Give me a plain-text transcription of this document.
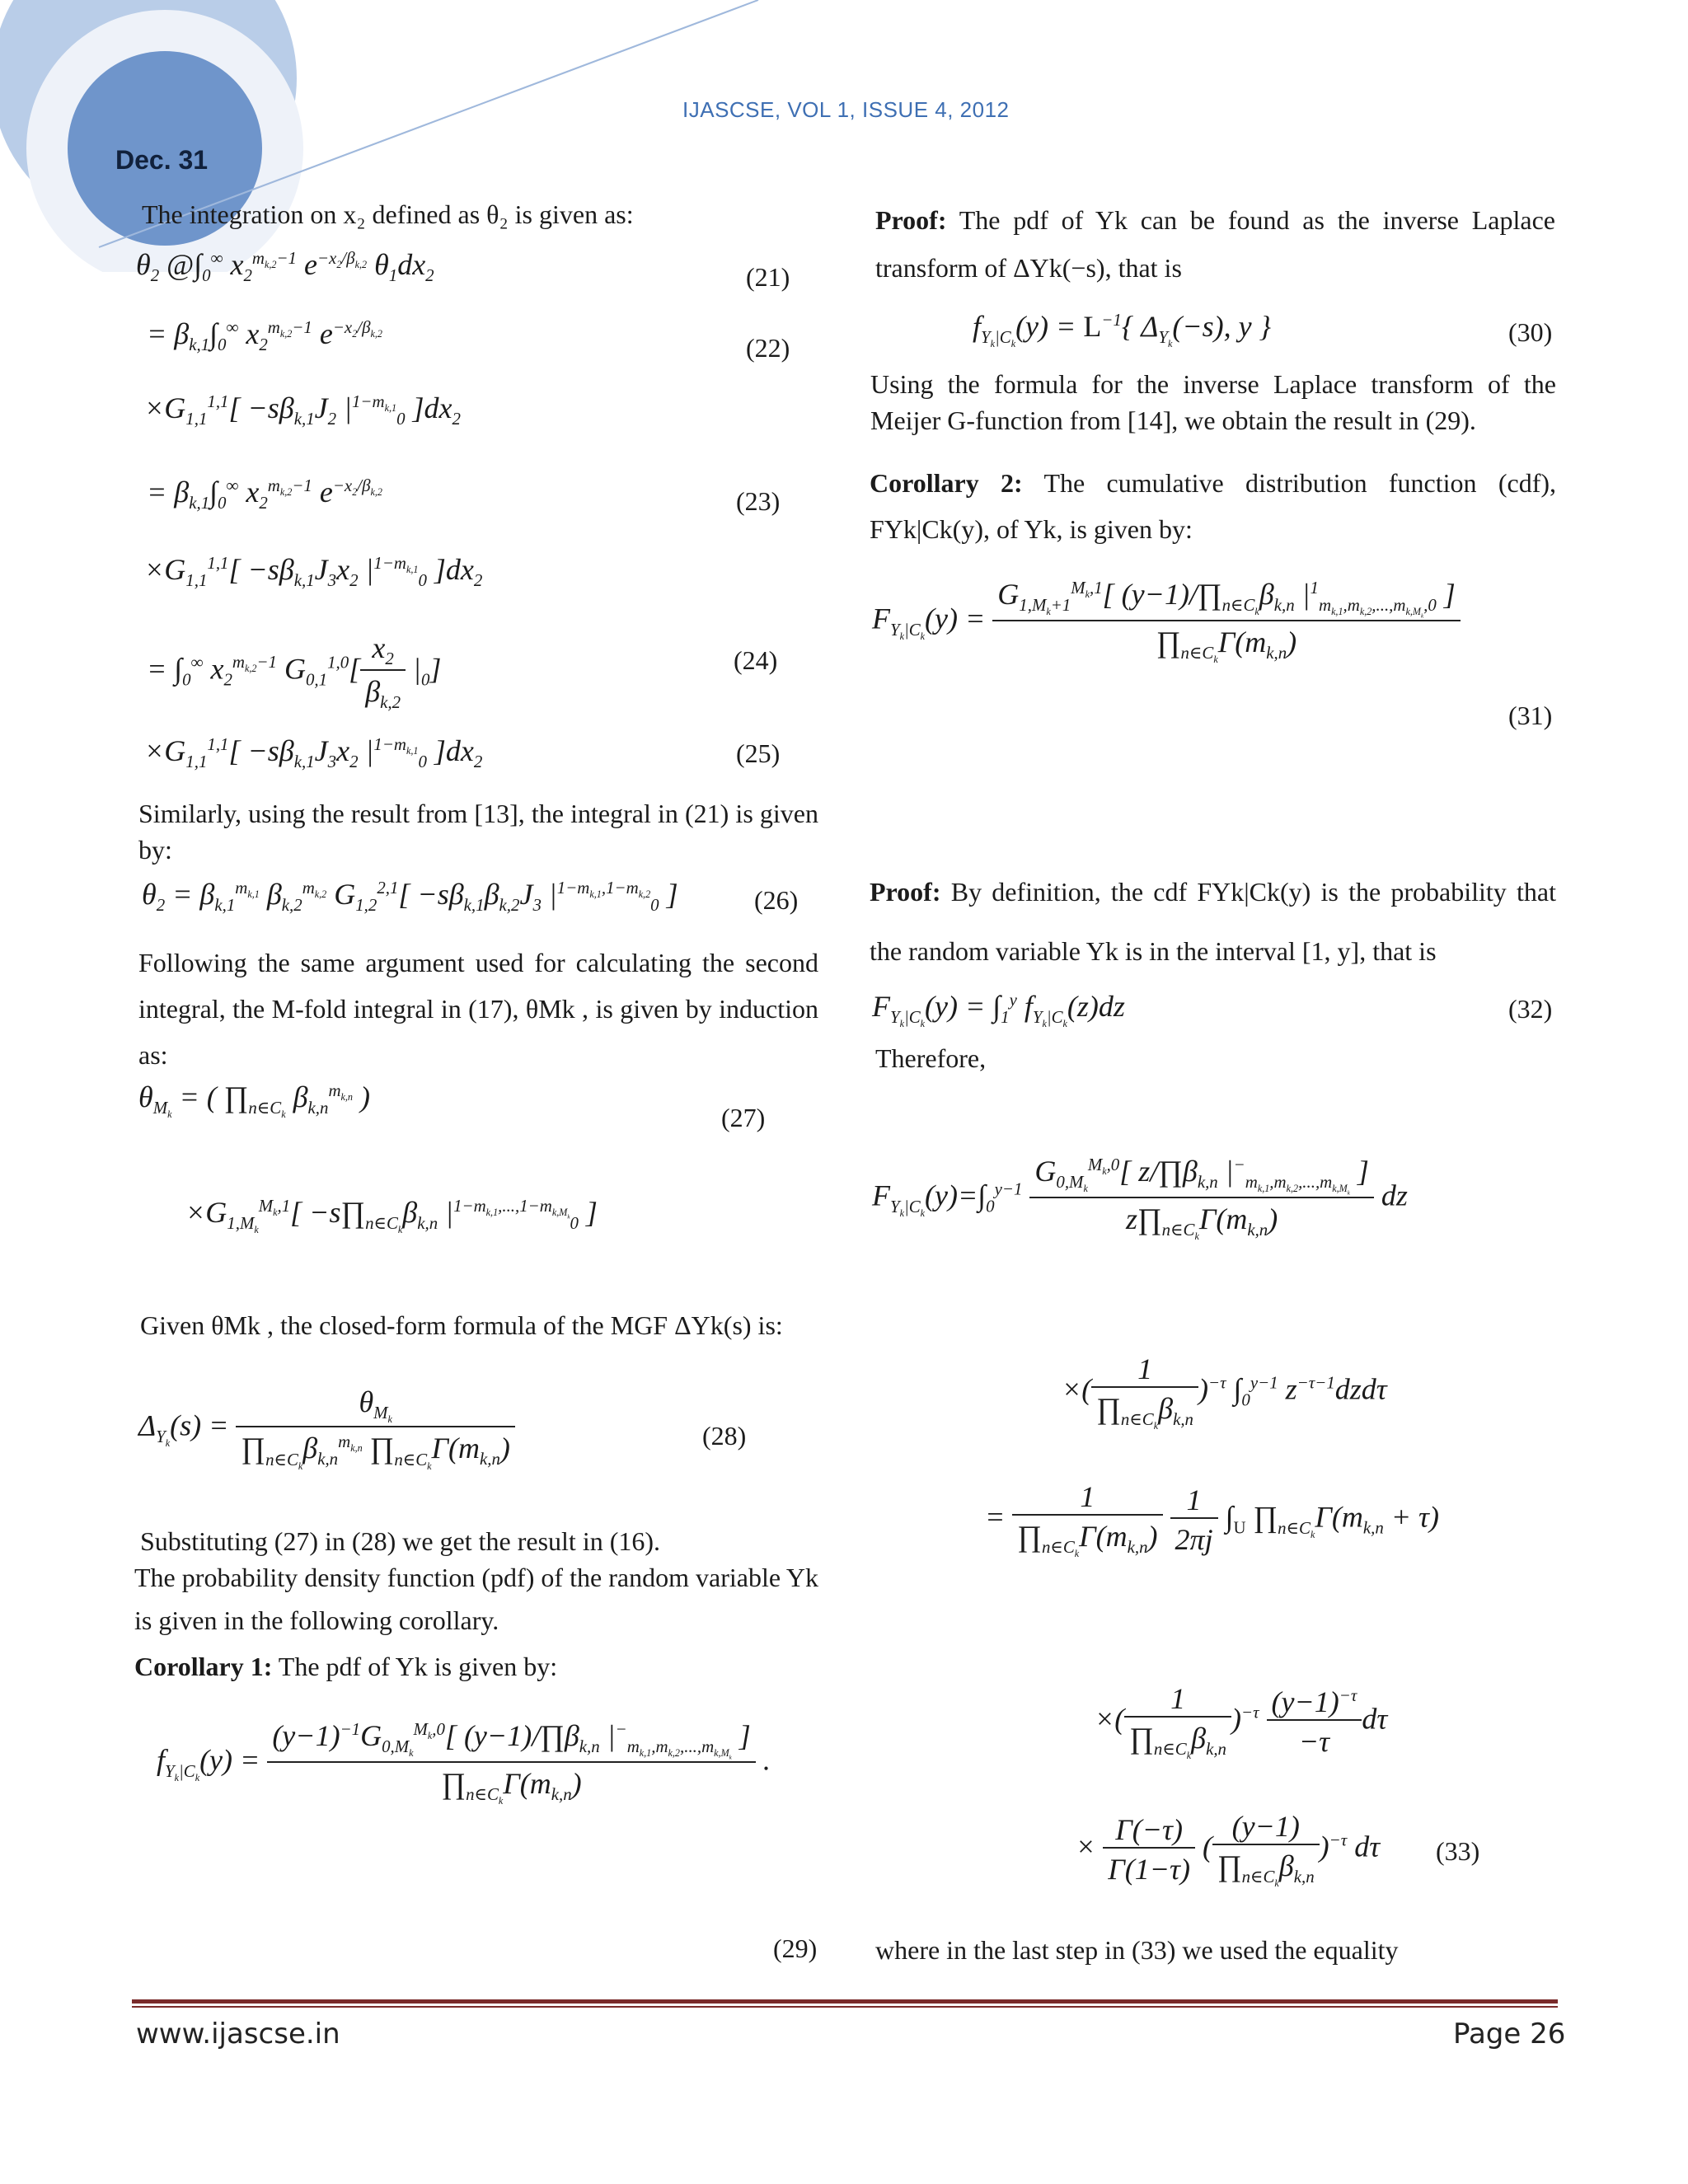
IJASCSE, VOL 1, ISSUE 4, 2012
Dec. 31
The integration on x₂ defined as θ₂ is given as:
$\theta_2$ $@\int_0^\infty$ $x_2^{m_{k,2}-1}$ $e^{-x_2/\beta_{k,2}}$ $\theta_1dx_2$	(21)
= $\beta_{k,1}\int_0^\infty$ $x_2^{m_{k,2}-1}$ $e^{-x_2/\beta_{k,2}}$	(22)
$\times G_{1,1}^{1,1}[ -s\beta_{k,1}J_2$ $|^{1-m_{k,1}}_0$ ]$dx_2$
= $\beta_{k,1}\int_0^\infty$ $x_2^{m_{k,2}-1}$ $e^{-x_2/\beta_{k,2}}$	(23)
$\times G_{1,1}^{1,1}[ -s\beta_{k,1}J_3x_2$ $|^{1-m_{k,1}}_0$ ]$dx_2$
= $\int_0^\infty$ $x_2^{m_{k,2}-1}$ $G_{0,1}^{1,0}[ \frac{x_2}{\beta_{k,2}} |_0]$	(24)
$\times G_{1,1}^{1,1}[ -s\beta_{k,1}J_3x_2$ $|^{1-m_{k,1}}_0$ ]$dx_2$	(25)
Similarly, using the result from [13], the integral in (21) is given by:
$\theta_2 = \beta_{k,1}^{m_{k,1}}$ $\beta_{k,2}^{m_{k,2}}$ $G_{1,2}^{2,1}[ -s\beta_{k,1}\beta_{k,2}J_3$ $|^{1-m_{k,1},1-m_{k,2}}_0$ ]	(26)
Following the same argument used for calculating the second integral, the M-fold integral in (17), θMk , is given by induction as:
$\theta_{M_k}$ = ( $\prod_{n\in C_k}$ $\beta_{k,n}^{m_{k,n}}$ )
(27)
$\times G_{1,M_k}^{M_k,1}$[ $-s\prod_{n\in C_k}\beta_{k,n}$ $|^{1-m_{k,1},...,1-m_{k,M_k}}_0$ ]
Given θMk , the closed-form formula of the MGF ΔYk(s) is:
$\Delta_{Y_k}(s) = \frac{\theta_{M_k}}{\prod_{n\in C_k}\beta_{k,n}^{m_{k,n}} \prod_{n\in C_k}\Gamma(m_{k,n})}$	(28)
Substituting (27) in (28) we get the result in (16).
The probability density function (pdf) of the random variable Yk is given in the following corollary.
Corollary 1: The pdf of Yk is given by:
$f_{Y_k|C_k}(y) = \frac{(y-1)^{-1}G_{0,M_k}^{M_k,0}[ (y-1)/\prod\beta_{k,n} |^-_{m_{k,1},m_{k,2},...,m_{k,M_k}} ]}{\prod_{n\in C_k}\Gamma(m_{k,n})}$ .
(29)
Proof: The pdf of Yk can be found as the inverse Laplace transform of ΔYk(−s), that is
$f_{Y_k|C_k}(y) = L^{-1}${ $\Delta_{Y_k}(-s)$, y }	(30)
Using the formula for the inverse Laplace transform of the Meijer G-function from [14], we obtain the result in (29).
Corollary 2: The cumulative distribution function (cdf), FYk|Ck(y), of Yk, is given by:
$F_{Y_k|C_k}(y) = \frac{G_{1,M_k+1}^{M_k,1}[ (y-1)/\prod_{n\in C_k}\beta_{k,n} |^1_{m_{k,1},m_{k,2},...,m_{k,M_k},0} ]}{\prod_{n\in C_k}\Gamma(m_{k,n})}$
(31)
Proof: By definition, the cdf FYk|Ck(y) is the probability that the random variable Yk is in the interval [1, y], that is
$F_{Y_k|C_k}(y) = \int_1^y$ $f_{Y_k|C_k}(z)dz$	(32)
Therefore,
$F_{Y_k|C_k}(y)=\int_0^{y-1} \frac{G_{0,M_k}^{M_k,0}[ z/\prod\beta_{k,n} |^-_{m_{k,1},m_{k,2},...,m_{k,M_k}} ]}{z\prod_{n\in C_k}\Gamma(m_{k,n})}$ dz
×( $\frac{1}{\prod_{n\in C_k}\beta_{k,n}} )^{-\tau}$ $\int_0^{y-1}$ $z^{-\tau-1}dzd\tau$
= $\frac{1}{\prod_{n\in C_k}\Gamma(m_{k,n})}$
$\frac{1}{2\pi j} \int_U$ $\prod_{n\in C_k}\Gamma(m_{k,n} + \tau)$
×( $\frac{1}{\prod_{n\in C_k}\beta_{k,n}} )^{-\tau} \frac{(y-1)^{-\tau}}{-\tau}$ dτ
× $\frac{\Gamma(-\tau)}{\Gamma(1-\tau)}$ ( $\frac{(y-1)}{\prod_{n\in C_k}\beta_{k,n}} )^{-\tau}$ dτ (33)
where in the last step in (33) we used the equality
www.ijascse.in	Page 26
